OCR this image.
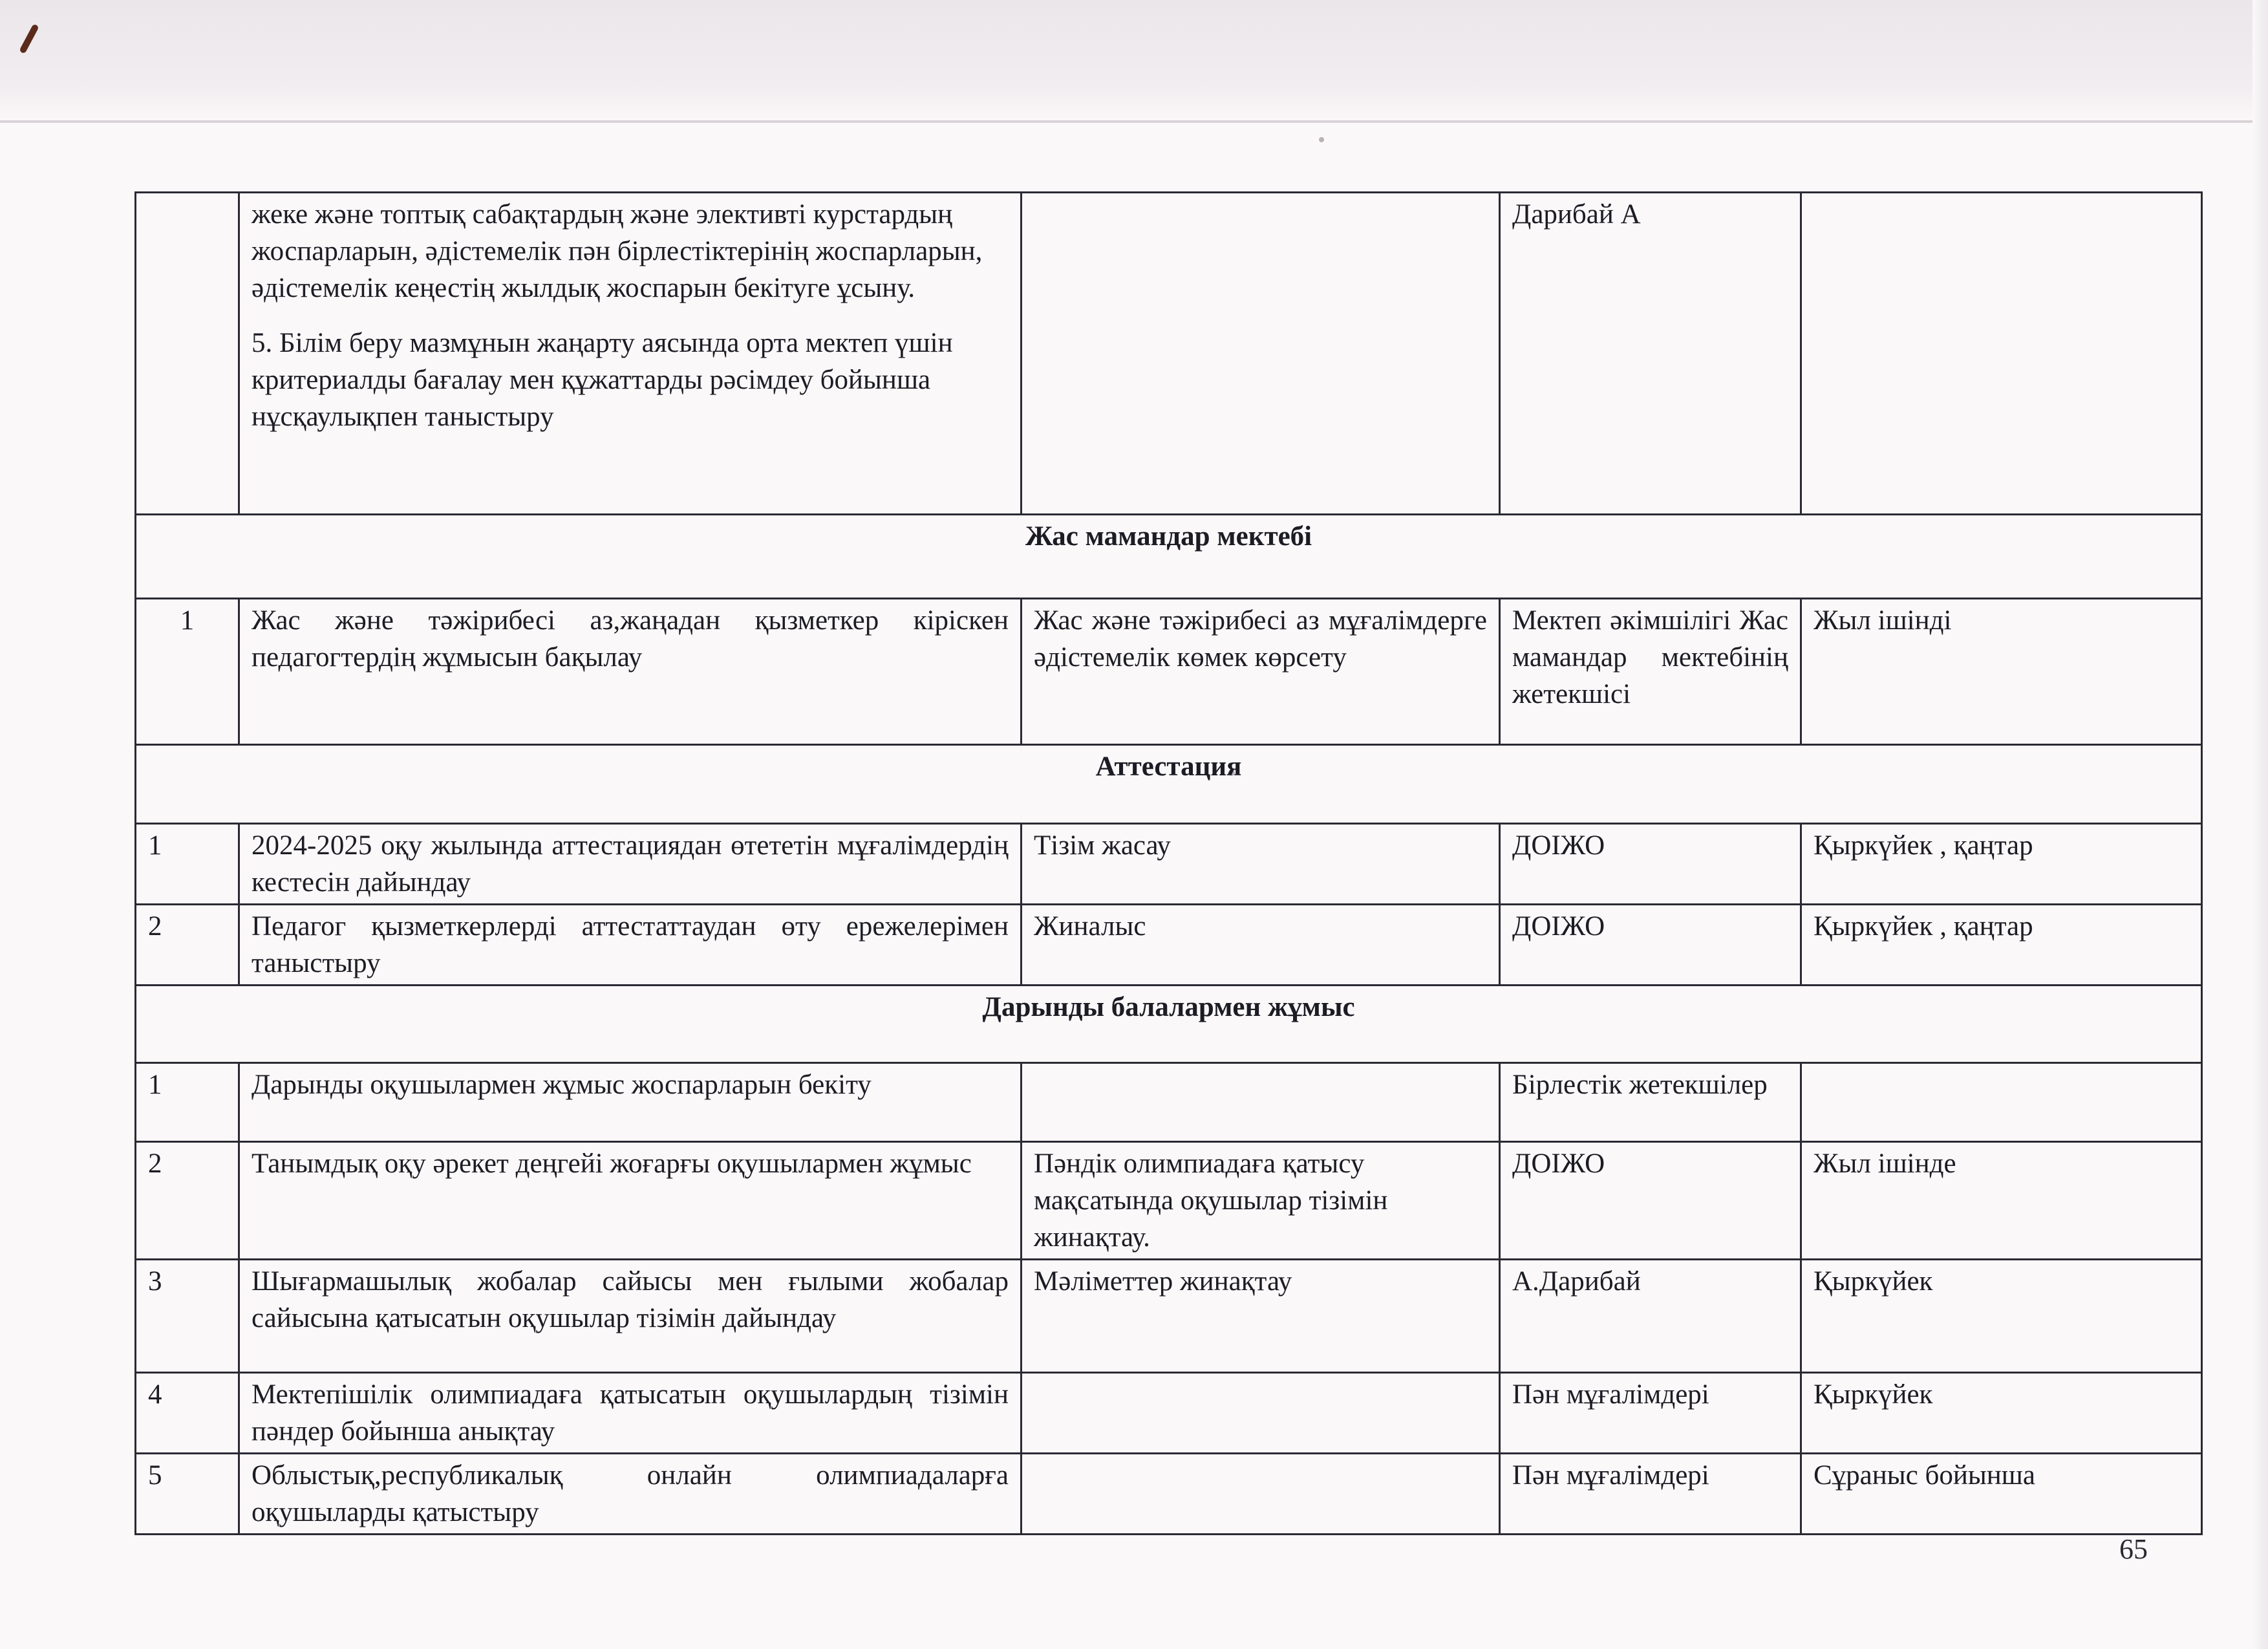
	жеке және топтық сабақтардың және элективті курстардың жоспарларын, әдістемелік пән бірлестіктерінің жоспарларын, әдістемелік кеңестің жылдық жоспарын бекітуге ұсыну.
5. Білім беру мазмұнын жаңарту аясында орта мектеп үшін критериалды бағалау мен құжаттарды рәсімдеу бойынша нұсқаулықпен таныстыру		Дарибай А	
Жас мамандар мектебі				
1	Жас және тәжірибесі аз,жаңадан қызметкер кіріскен педагогтердің жұмысын бақылау	Жас және тәжірибесі аз мұғалімдерге әдістемелік көмек көрсету	Мектеп әкімшілігі Жас мамандар мектебінің жетекшісі	Жыл ішінді
Аттестация				
1	2024-2025 оқу жылында аттестациядан өтететін мұғалімдердің кестесін дайындау	Тізім жасау	ДОІЖО	Қыркүйек , қаңтар
2	Педагог қызметкерлерді аттестаттаудан өту ережелерімен таныстыру	Жиналыс	ДОІЖО	Қыркүйек , қаңтар
Дарынды балалармен жұмыс				
1	Дарынды оқушылармен жұмыс жоспарларын бекіту		Бірлестік жетекшілер	
2	Танымдық оқу әрекет деңгейі жоғарғы оқушылармен жұмыс	Пәндік олимпиадаға қатысу мақсатында оқушылар тізімін жинақтау.	ДОІЖО	Жыл ішінде
3	Шығармашылық жобалар сайысы мен ғылыми жобалар сайысына қатысатын оқушылар тізімін дайындау	Мәліметтер жинақтау	А.Дарибай	Қыркүйек
4	Мектепішілік олимпиадаға қатысатын оқушылардың тізімін пәндер бойынша анықтау		Пән мұғалімдері	Қыркүйек
5	Облыстық,республикалық онлайн олимпиадаларға оқушыларды қатыстыру		Пән мұғалімдері	Сұраныс бойынша
65
